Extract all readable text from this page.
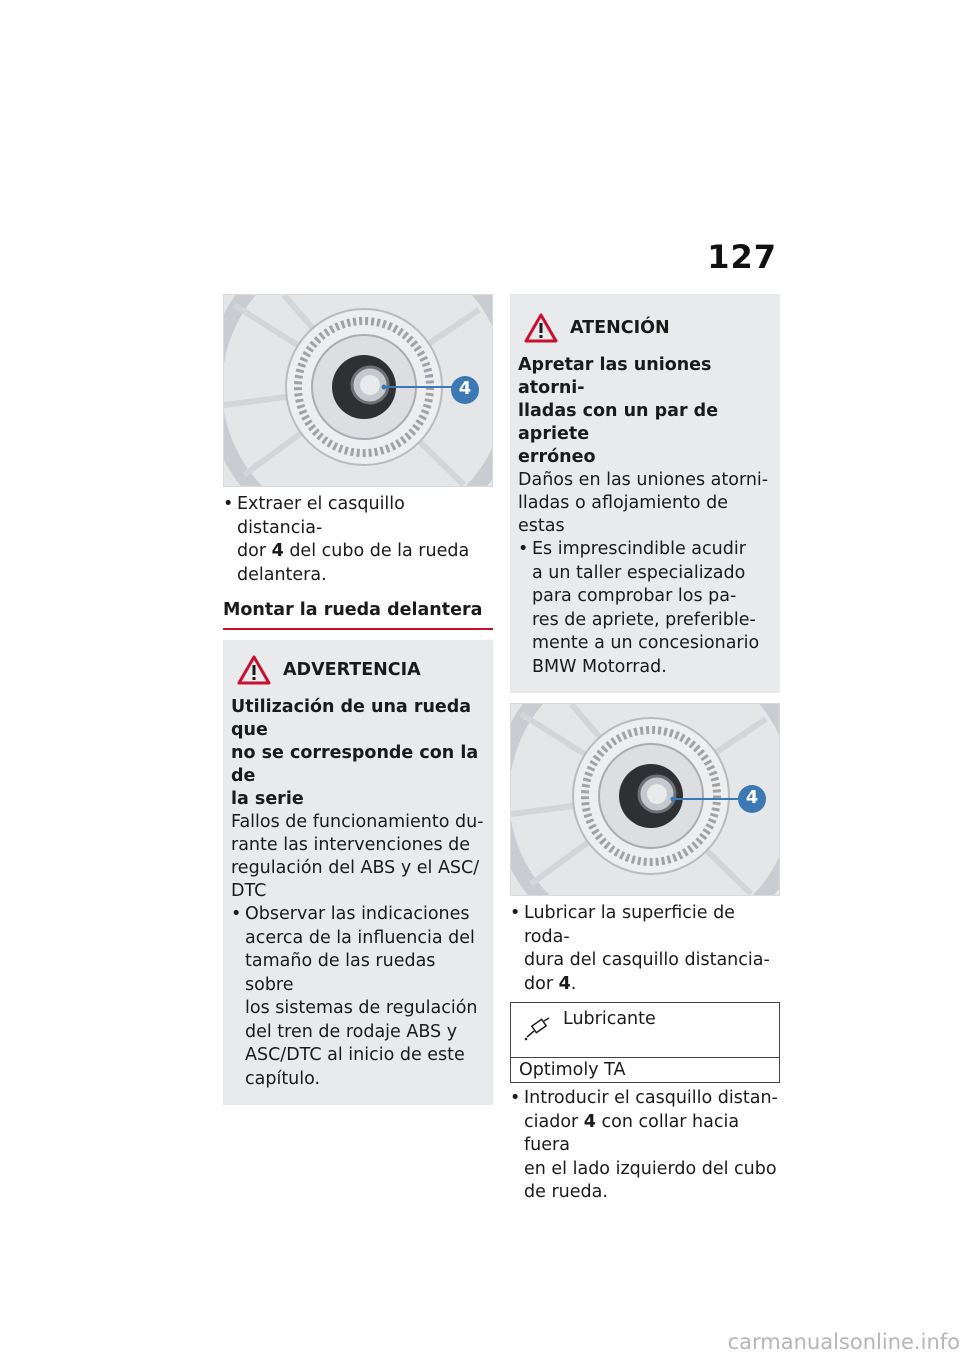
127
4
• Extraer el casquillo distancia-
dor 4 del cubo de la rueda
delantera.
Montar la rueda delantera
ADVERTENCIA
Utilización de una rueda que
no se corresponde con la de
la serie
Fallos de funcionamiento du-
rante las intervenciones de
regulación del ABS y el ASC/
DTC
• Observar las indicaciones
acerca de la influencia del
tamaño de las ruedas sobre
los sistemas de regulación
del tren de rodaje ABS y
ASC/DTC al inicio de este
capítulo.
ATENCIÓN
Apretar las uniones atorni-
lladas con un par de apriete
erróneo
Daños en las uniones atorni-
lladas o aflojamiento de estas
• Es imprescindible acudir
a un taller especializado
para comprobar los pa-
res de apriete, preferible-
mente a un concesionario
BMW Motorrad.
4
• Lubricar la superficie de roda-
dura del casquillo distancia-
dor 4.
Lubricante
Optimoly TA
• Introducir el casquillo distan-
ciador 4 con collar hacia fuera
en el lado izquierdo del cubo
de rueda.
carmanualsonline.info
